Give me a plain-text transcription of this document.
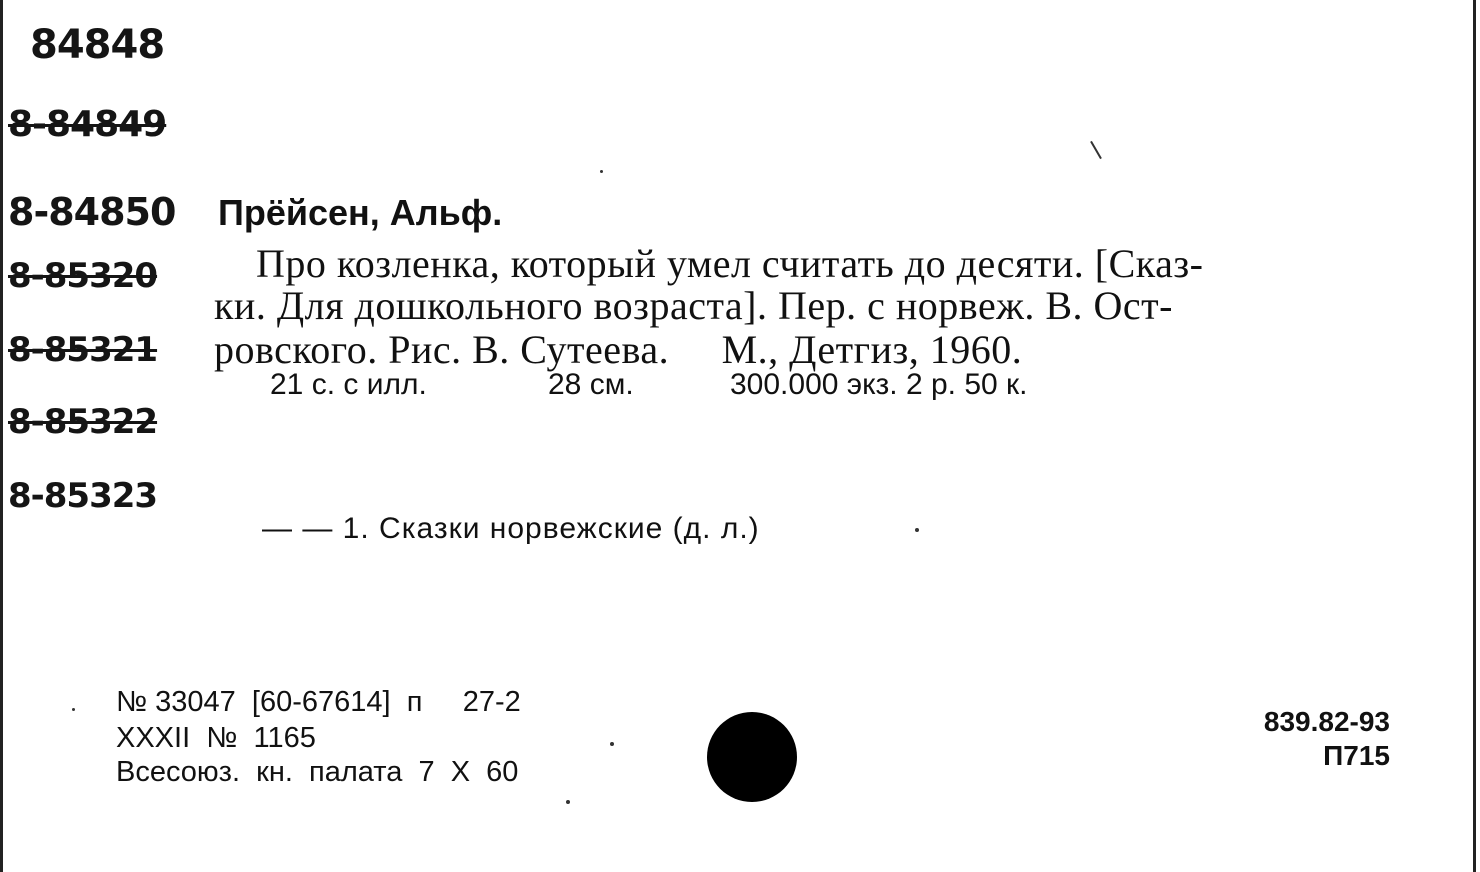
84848
8-84849
8-84850
8-85320
8-85321
8-85322
8-85323
Прёйсен, Альф.
Про козленка, который умел считать до десяти. [Сказ-
ки. Для дошкольного возраста]. Пер. с норвеж. В. Ост-
ровского. Рис. В. Сутеева.     М., Детгиз, 1960.
21 с. с илл.	28 см.	300.000 экз. 2 р. 50 к.
— — 1. Сказки норвежские (д. л.)
№ 33047  [60-67614]  п     27-2
XXXII  №  1165
Всесоюз.  кн.  палата  7  X  60
839.82-93
П715
